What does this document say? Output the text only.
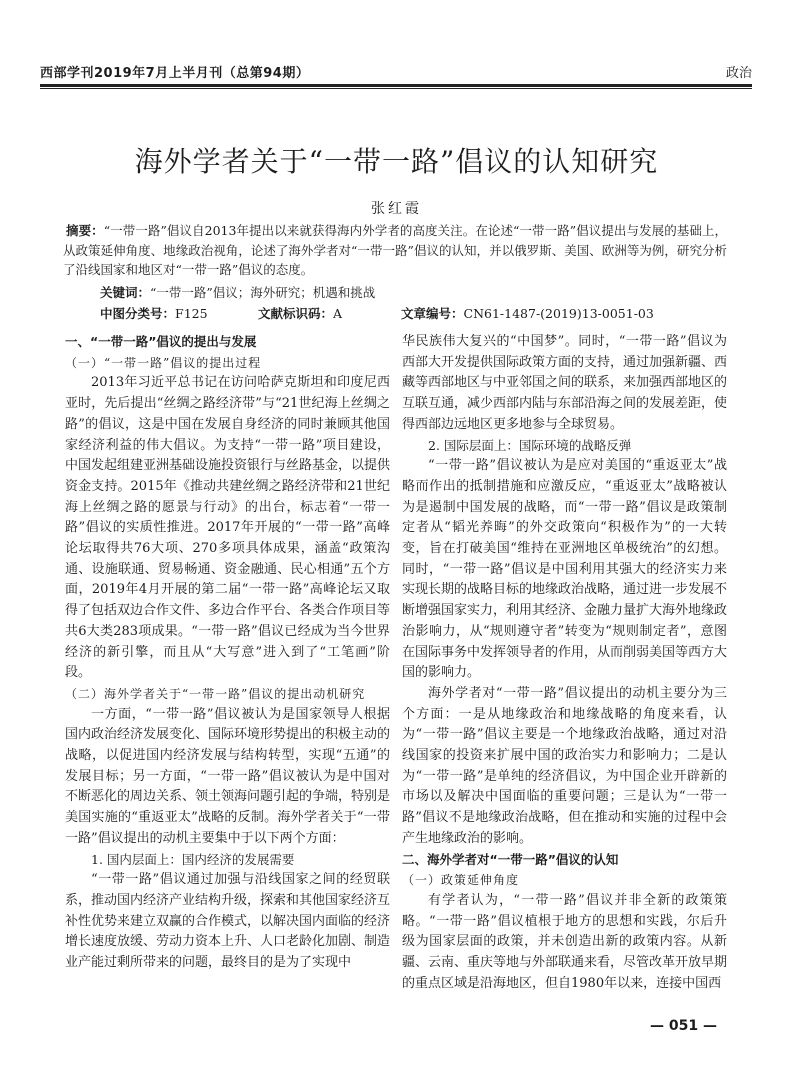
西部学刊2019年7月上半月刊（总第94期）	政治
海外学者关于“一带一路”倡议的认知研究
张红霞
摘要：“一带一路”倡议自2013年提出以来就获得海内外学者的高度关注。在论述“一带一路”倡议提出与发展的基础上，从政策延伸角度、地缘政治视角，论述了海外学者对“一带一路”倡议的认知，并以俄罗斯、美国、欧洲等为例，研究分析了沿线国家和地区对“一带一路”倡议的态度。
关键词：“一带一路”倡议；海外研究；机遇和挑战
中图分类号：F125	文献标识码：A	文章编号：CN61-1487-(2019)13-0051-03

一、“一带一路”倡议的提出与发展

（一）“一带一路”倡议的提出过程

2013年习近平总书记在访问哈萨克斯坦和印度尼西亚时，先后提出“丝绸之路经济带”与“21世纪海上丝绸之路”的倡议，这是中国在发展自身经济的同时兼顾其他国家经济利益的伟大倡议。为支持“一带一路”项目建设，中国发起组建亚洲基础设施投资银行与丝路基金，以提供资金支持。2015年《推动共建丝绸之路经济带和21世纪海上丝绸之路的愿景与行动》的出台，标志着“一带一路”倡议的实质性推进。2017年开展的“一带一路”高峰论坛取得共76大项、270多项具体成果，涵盖“政策沟通、设施联通、贸易畅通、资金融通、民心相通”五个方面，2019年4月开展的第二届“一带一路”高峰论坛又取得了包括双边合作文件、多边合作平台、各类合作项目等共6大类283项成果。“一带一路”倡议已经成为当今世界经济的新引擎，而且从“大写意”进入到了“工笔画”阶段。

（二）海外学者关于“一带一路”倡议的提出动机研究

一方面，“一带一路”倡议被认为是国家领导人根据国内政治经济发展变化、国际环境形势提出的积极主动的战略，以促进国内经济发展与结构转型，实现“五通”的发展目标；另一方面，“一带一路”倡议被认为是中国对不断恶化的周边关系、领土领海问题引起的争端，特别是美国实施的“重返亚太”战略的反制。海外学者关于“一带一路”倡议提出的动机主要集中于以下两个方面：

1. 国内层面上：国内经济的发展需要

“一带一路”倡议通过加强与沿线国家之间的经贸联系，推动国内经济产业结构升级，探索和其他国家经济互补性优势来建立双赢的合作模式，以解决国内面临的经济增长速度放缓、劳动力资本上升、人口老龄化加剧、制造业产能过剩所带来的问题，最终目的是为了实现中

华民族伟大复兴的“中国梦”。同时，“一带一路”倡议为西部大开发提供国际政策方面的支持，通过加强新疆、西藏等西部地区与中亚邻国之间的联系，来加强西部地区的互联互通，减少西部内陆与东部沿海之间的发展差距，使得西部边远地区更多地参与全球贸易。

2. 国际层面上：国际环境的战略反弹

“一带一路”倡议被认为是应对美国的“重返亚太”战略而作出的抵制措施和应激反应，“重返亚太”战略被认为是遏制中国发展的战略，而“一带一路”倡议是政策制定者从“韬光养晦”的外交政策向“积极作为”的一大转变，旨在打破美国“维持在亚洲地区单极统治”的幻想。同时，“一带一路”倡议是中国利用其强大的经济实力来实现长期的战略目标的地缘政治战略，通过进一步发展不断增强国家实力，利用其经济、金融力量扩大海外地缘政治影响力，从“规则遵守者”转变为“规则制定者”，意图在国际事务中发挥领导者的作用，从而削弱美国等西方大国的影响力。

海外学者对“一带一路”倡议提出的动机主要分为三个方面：一是从地缘政治和地缘战略的角度来看，认为“一带一路”倡议主要是一个地缘政治战略，通过对沿线国家的投资来扩展中国的政治实力和影响力；二是认为“一带一路”是单纯的经济倡议，为中国企业开辟新的市场以及解决中国面临的重要问题；三是认为“一带一路”倡议不是地缘政治战略，但在推动和实施的过程中会产生地缘政治的影响。

二、海外学者对“一带一路”倡议的认知

（一）政策延伸角度

有学者认为，“一带一路”倡议并非全新的政策策略。“一带一路”倡议植根于地方的思想和实践，尔后升级为国家层面的政策，并未创造出新的政策内容。从新疆、云南、重庆等地与外部联通来看，尽管改革开放早期的重点区域是沿海地区，但自1980年以来，连接中国西

— 051 —
